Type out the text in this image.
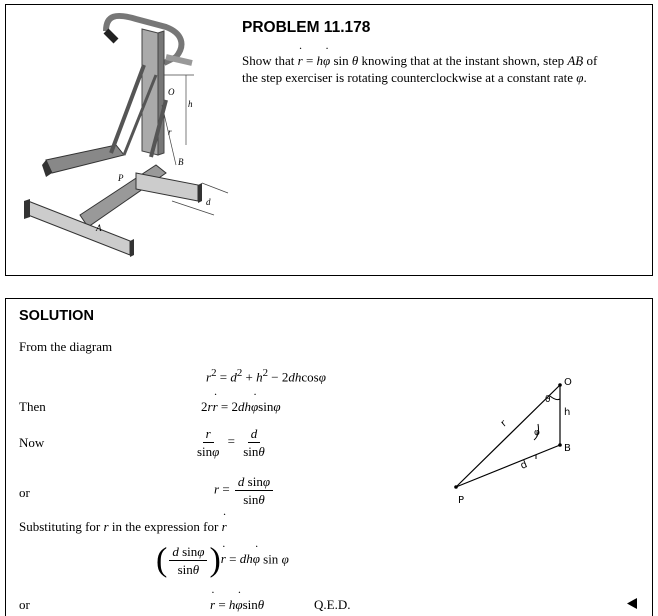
O
h
r
B
P
A
d
PROBLEM 11.178
Show that r ˙ = hφ ˙ sin θ knowing that at the instant shown, step AB of
the step exerciser is rotating counterclockwise at a constant rate φ ˙.
SOLUTION
From the diagram
$r^2 = d^2 + h^2 - 2dhcos\varphi$
Then	2rr ˙ = 2dhφ ˙sinφ
Now	$\frac{r}{\sin\varphi} = \frac{d}{\sin\theta}$
or	$r = \frac{\text{d sinφ}}{\sin\theta}$
Substituting for r in the expression for r ˙
( $\frac{\text{d sinφ}}{\sin\theta} )r$ ˙ = dhφ ˙ sin φ
or	r ˙ = hφ ˙sinθ	Q.E.D.
O
θ
h
r
φ
B
d
P
